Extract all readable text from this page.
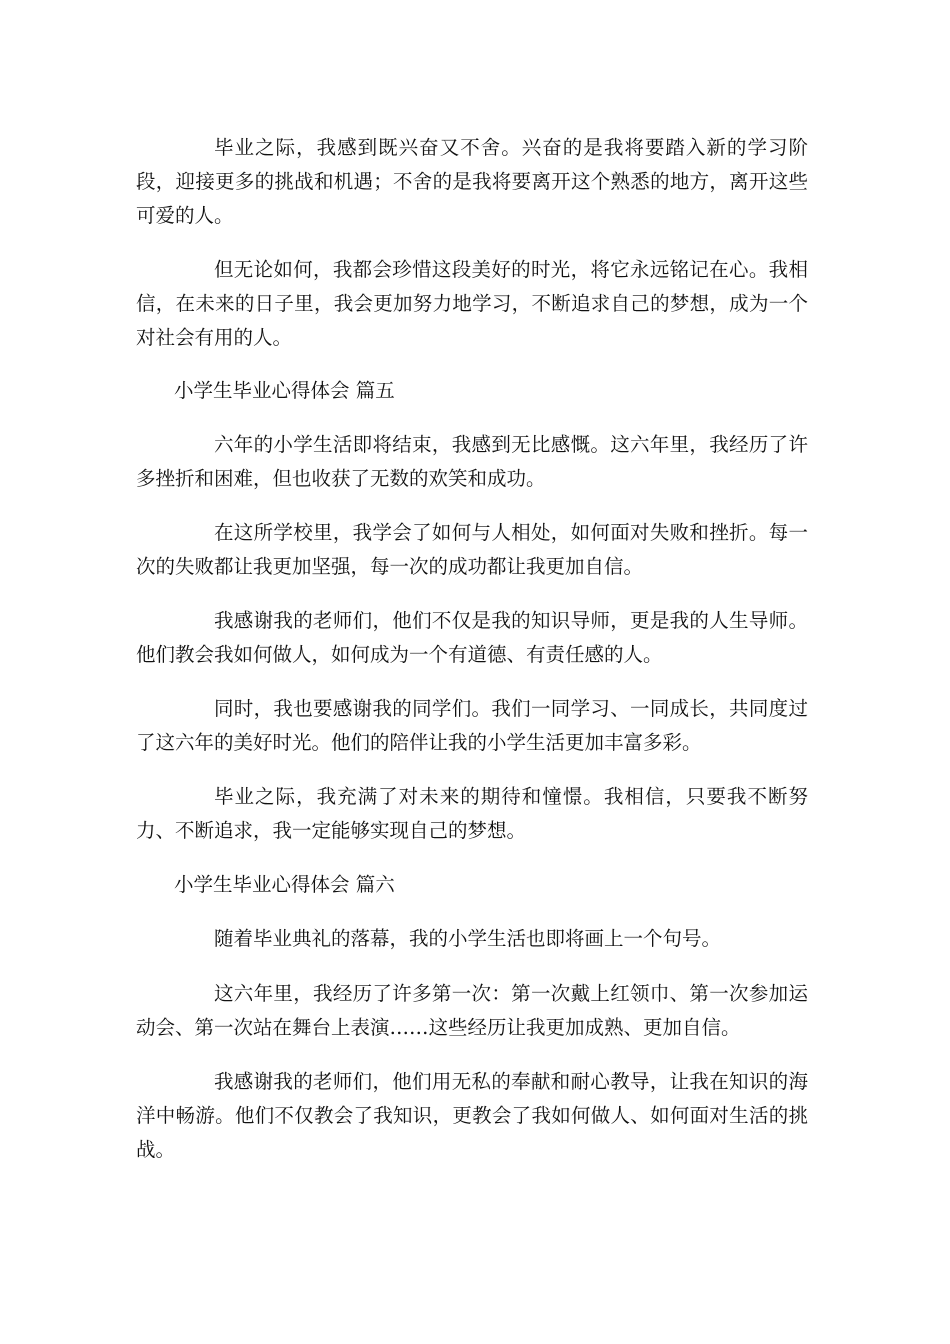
毕业之际，我感到既兴奋又不舍。兴奋的是我将要踏入新的学习阶段，迎接更多的挑战和机遇；不舍的是我将要离开这个熟悉的地方，离开这些可爱的人。

但无论如何，我都会珍惜这段美好的时光，将它永远铭记在心。我相信，在未来的日子里，我会更加努力地学习，不断追求自己的梦想，成为一个对社会有用的人。

小学生毕业心得体会 篇五

六年的小学生活即将结束，我感到无比感慨。这六年里，我经历了许多挫折和困难，但也收获了无数的欢笑和成功。

在这所学校里，我学会了如何与人相处，如何面对失败和挫折。每一次的失败都让我更加坚强，每一次的成功都让我更加自信。

我感谢我的老师们，他们不仅是我的知识导师，更是我的人生导师。他们教会我如何做人，如何成为一个有道德、有责任感的人。

同时，我也要感谢我的同学们。我们一同学习、一同成长，共同度过了这六年的美好时光。他们的陪伴让我的小学生活更加丰富多彩。

毕业之际，我充满了对未来的期待和憧憬。我相信，只要我不断努力、不断追求，我一定能够实现自己的梦想。

小学生毕业心得体会 篇六

随着毕业典礼的落幕，我的小学生活也即将画上一个句号。

这六年里，我经历了许多第一次：第一次戴上红领巾、第一次参加运动会、第一次站在舞台上表演……这些经历让我更加成熟、更加自信。

我感谢我的老师们，他们用无私的奉献和耐心教导，让我在知识的海洋中畅游。他们不仅教会了我知识，更教会了我如何做人、如何面对生活的挑战。
